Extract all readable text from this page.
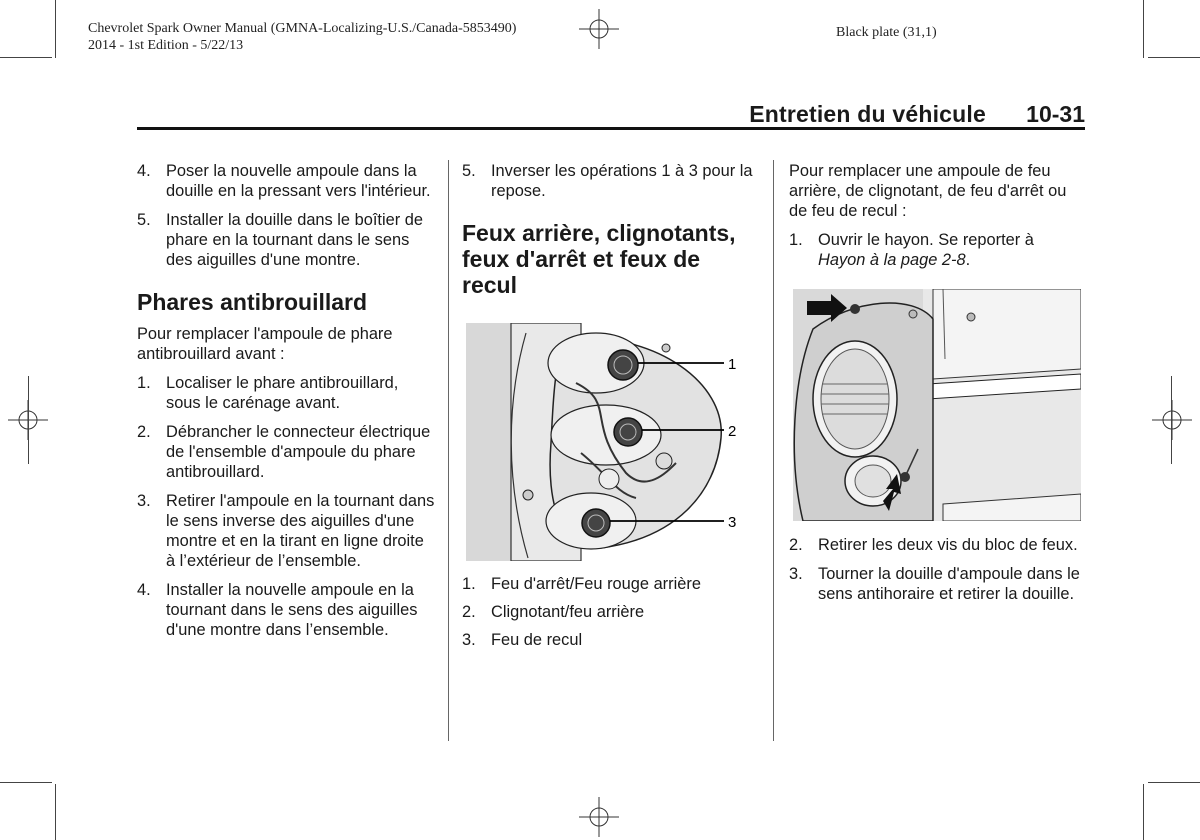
Chevrolet Spark Owner Manual (GMNA-Localizing-U.S./Canada-5853490)
2014 - 1st Edition - 5/22/13
Black plate (31,1)
Entretien du véhicule 10-31
4. Poser la nouvelle ampoule dans la douille en la pressant vers l'intérieur.
5. Installer la douille dans le boîtier de phare en la tournant dans le sens des aiguilles d'une montre.
Phares antibrouillard
Pour remplacer l'ampoule de phare antibrouillard avant :
1. Localiser le phare antibrouillard, sous le carénage avant.
2. Débrancher le connecteur électrique de l'ensemble d'ampoule du phare antibrouillard.
3. Retirer l'ampoule en la tournant dans le sens inverse des aiguilles d'une montre et en la tirant en ligne droite à l’extérieur de l’ensemble.
4. Installer la nouvelle ampoule en la tournant dans le sens des aiguilles d'une montre dans l’ensemble.
5. Inverser les opérations 1 à 3 pour la repose.
Feux arrière, clignotants, feux d'arrêt et feux de recul
1
2
3
1. Feu d'arrêt/Feu rouge arrière
2. Clignotant/feu arrière
3. Feu de recul
Pour remplacer une ampoule de feu arrière, de clignotant, de feu d'arrêt ou de feu de recul :
1. Ouvrir le hayon. Se reporter à Hayon à la page 2-8.
2. Retirer les deux vis du bloc de feux.
3. Tourner la douille d'ampoule dans le sens antihoraire et retirer la douille.
